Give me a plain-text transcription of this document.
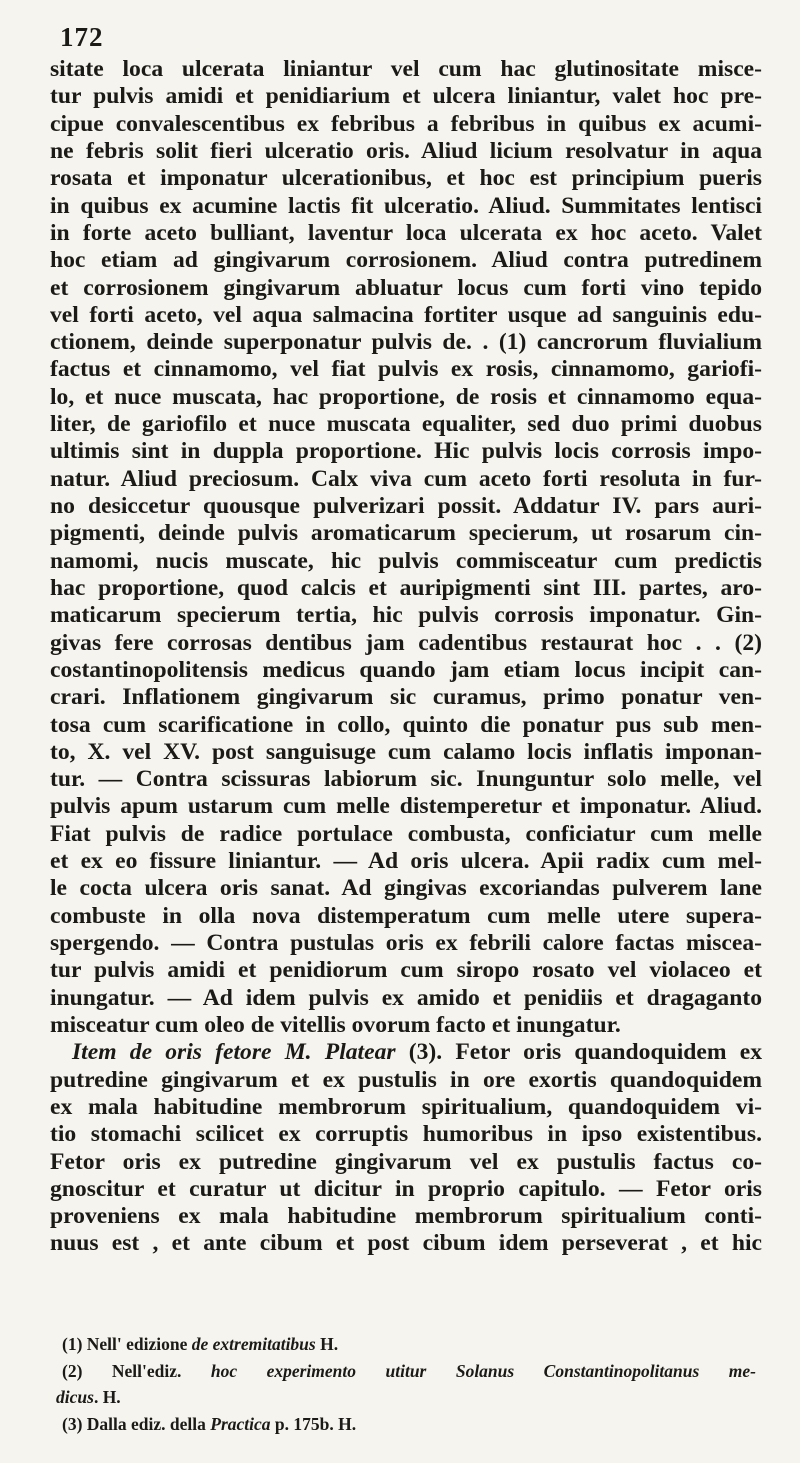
172
sitate loca ulcerata liniantur vel cum hac glutinositate misce-
tur pulvis amidi et penidiarium et ulcera liniantur, valet hoc pre-
cipue convalescentibus ex febribus a febribus in quibus ex acumi-
ne febris solit fieri ulceratio oris. Aliud licium resolvatur in aqua
rosata et imponatur ulcerationibus, et hoc est principium pueris
in quibus ex acumine lactis fit ulceratio. Aliud. Summitates lentisci
in forte aceto bulliant, laventur loca ulcerata ex hoc aceto. Valet
hoc etiam ad gingivarum corrosionem. Aliud contra putredinem
et corrosionem gingivarum abluatur locus cum forti vino tepido
vel forti aceto, vel aqua salmacina fortiter usque ad sanguinis edu-
ctionem, deinde superponatur pulvis de. . (1) cancrorum fluvialium
factus et cinnamomo, vel fiat pulvis ex rosis, cinnamomo, gariofi-
lo, et nuce muscata, hac proportione, de rosis et cinnamomo equa-
liter, de gariofilo et nuce muscata equaliter, sed duo primi duobus
ultimis sint in duppla proportione. Hic pulvis locis corrosis impo-
natur. Aliud preciosum. Calx viva cum aceto forti resoluta in fur-
no desiccetur quousque pulverizari possit. Addatur IV. pars auri-
pigmenti, deinde pulvis aromaticarum specierum, ut rosarum cin-
namomi, nucis muscate, hic pulvis commisceatur cum predictis
hac proportione, quod calcis et auripigmenti sint III. partes, aro-
maticarum specierum tertia, hic pulvis corrosis imponatur. Gin-
givas fere corrosas dentibus jam cadentibus restaurat hoc . . (2)
costantinopolitensis medicus quando jam etiam locus incipit can-
crari. Inflationem gingivarum sic curamus, primo ponatur ven-
tosa cum scarificatione in collo, quinto die ponatur pus sub men-
to, X. vel XV. post sanguisuge cum calamo locis inflatis imponan-
tur. — Contra scissuras labiorum sic. Inunguntur solo melle, vel
pulvis apum ustarum cum melle distemperetur et imponatur. Aliud.
Fiat pulvis de radice portulace combusta, conficiatur cum melle
et ex eo fissure liniantur. — Ad oris ulcera. Apii radix cum mel-
le cocta ulcera oris sanat. Ad gingivas excoriandas pulverem lane
combuste in olla nova distemperatum cum melle utere supera-
spergendo. — Contra pustulas oris ex febrili calore factas miscea-
tur pulvis amidi et penidiorum cum siropo rosato vel violaceo et
inungatur. — Ad idem pulvis ex amido et penidiis et dragaganto
misceatur cum oleo de vitellis ovorum facto et inungatur.
Item de oris fetore M. Platear (3). Fetor oris quandoquidem ex
putredine gingivarum et ex pustulis in ore exortis quandoquidem
ex mala habitudine membrorum spiritualium, quandoquidem vi-
tio stomachi scilicet ex corruptis humoribus in ipso existentibus.
Fetor oris ex putredine gingivarum vel ex pustulis factus co-
gnoscitur et curatur ut dicitur in proprio capitulo. — Fetor oris
proveniens ex mala habitudine membrorum spiritualium conti-
nuus est , et ante cibum et post cibum idem perseverat , et hic
(1) Nell' edizione de extremitatibus H.
(2) Nell'ediz. hoc experimento utitur Solanus Constantinopolitanus me-
dicus. H.
(3) Dalla ediz. della Practica p. 175b. H.
